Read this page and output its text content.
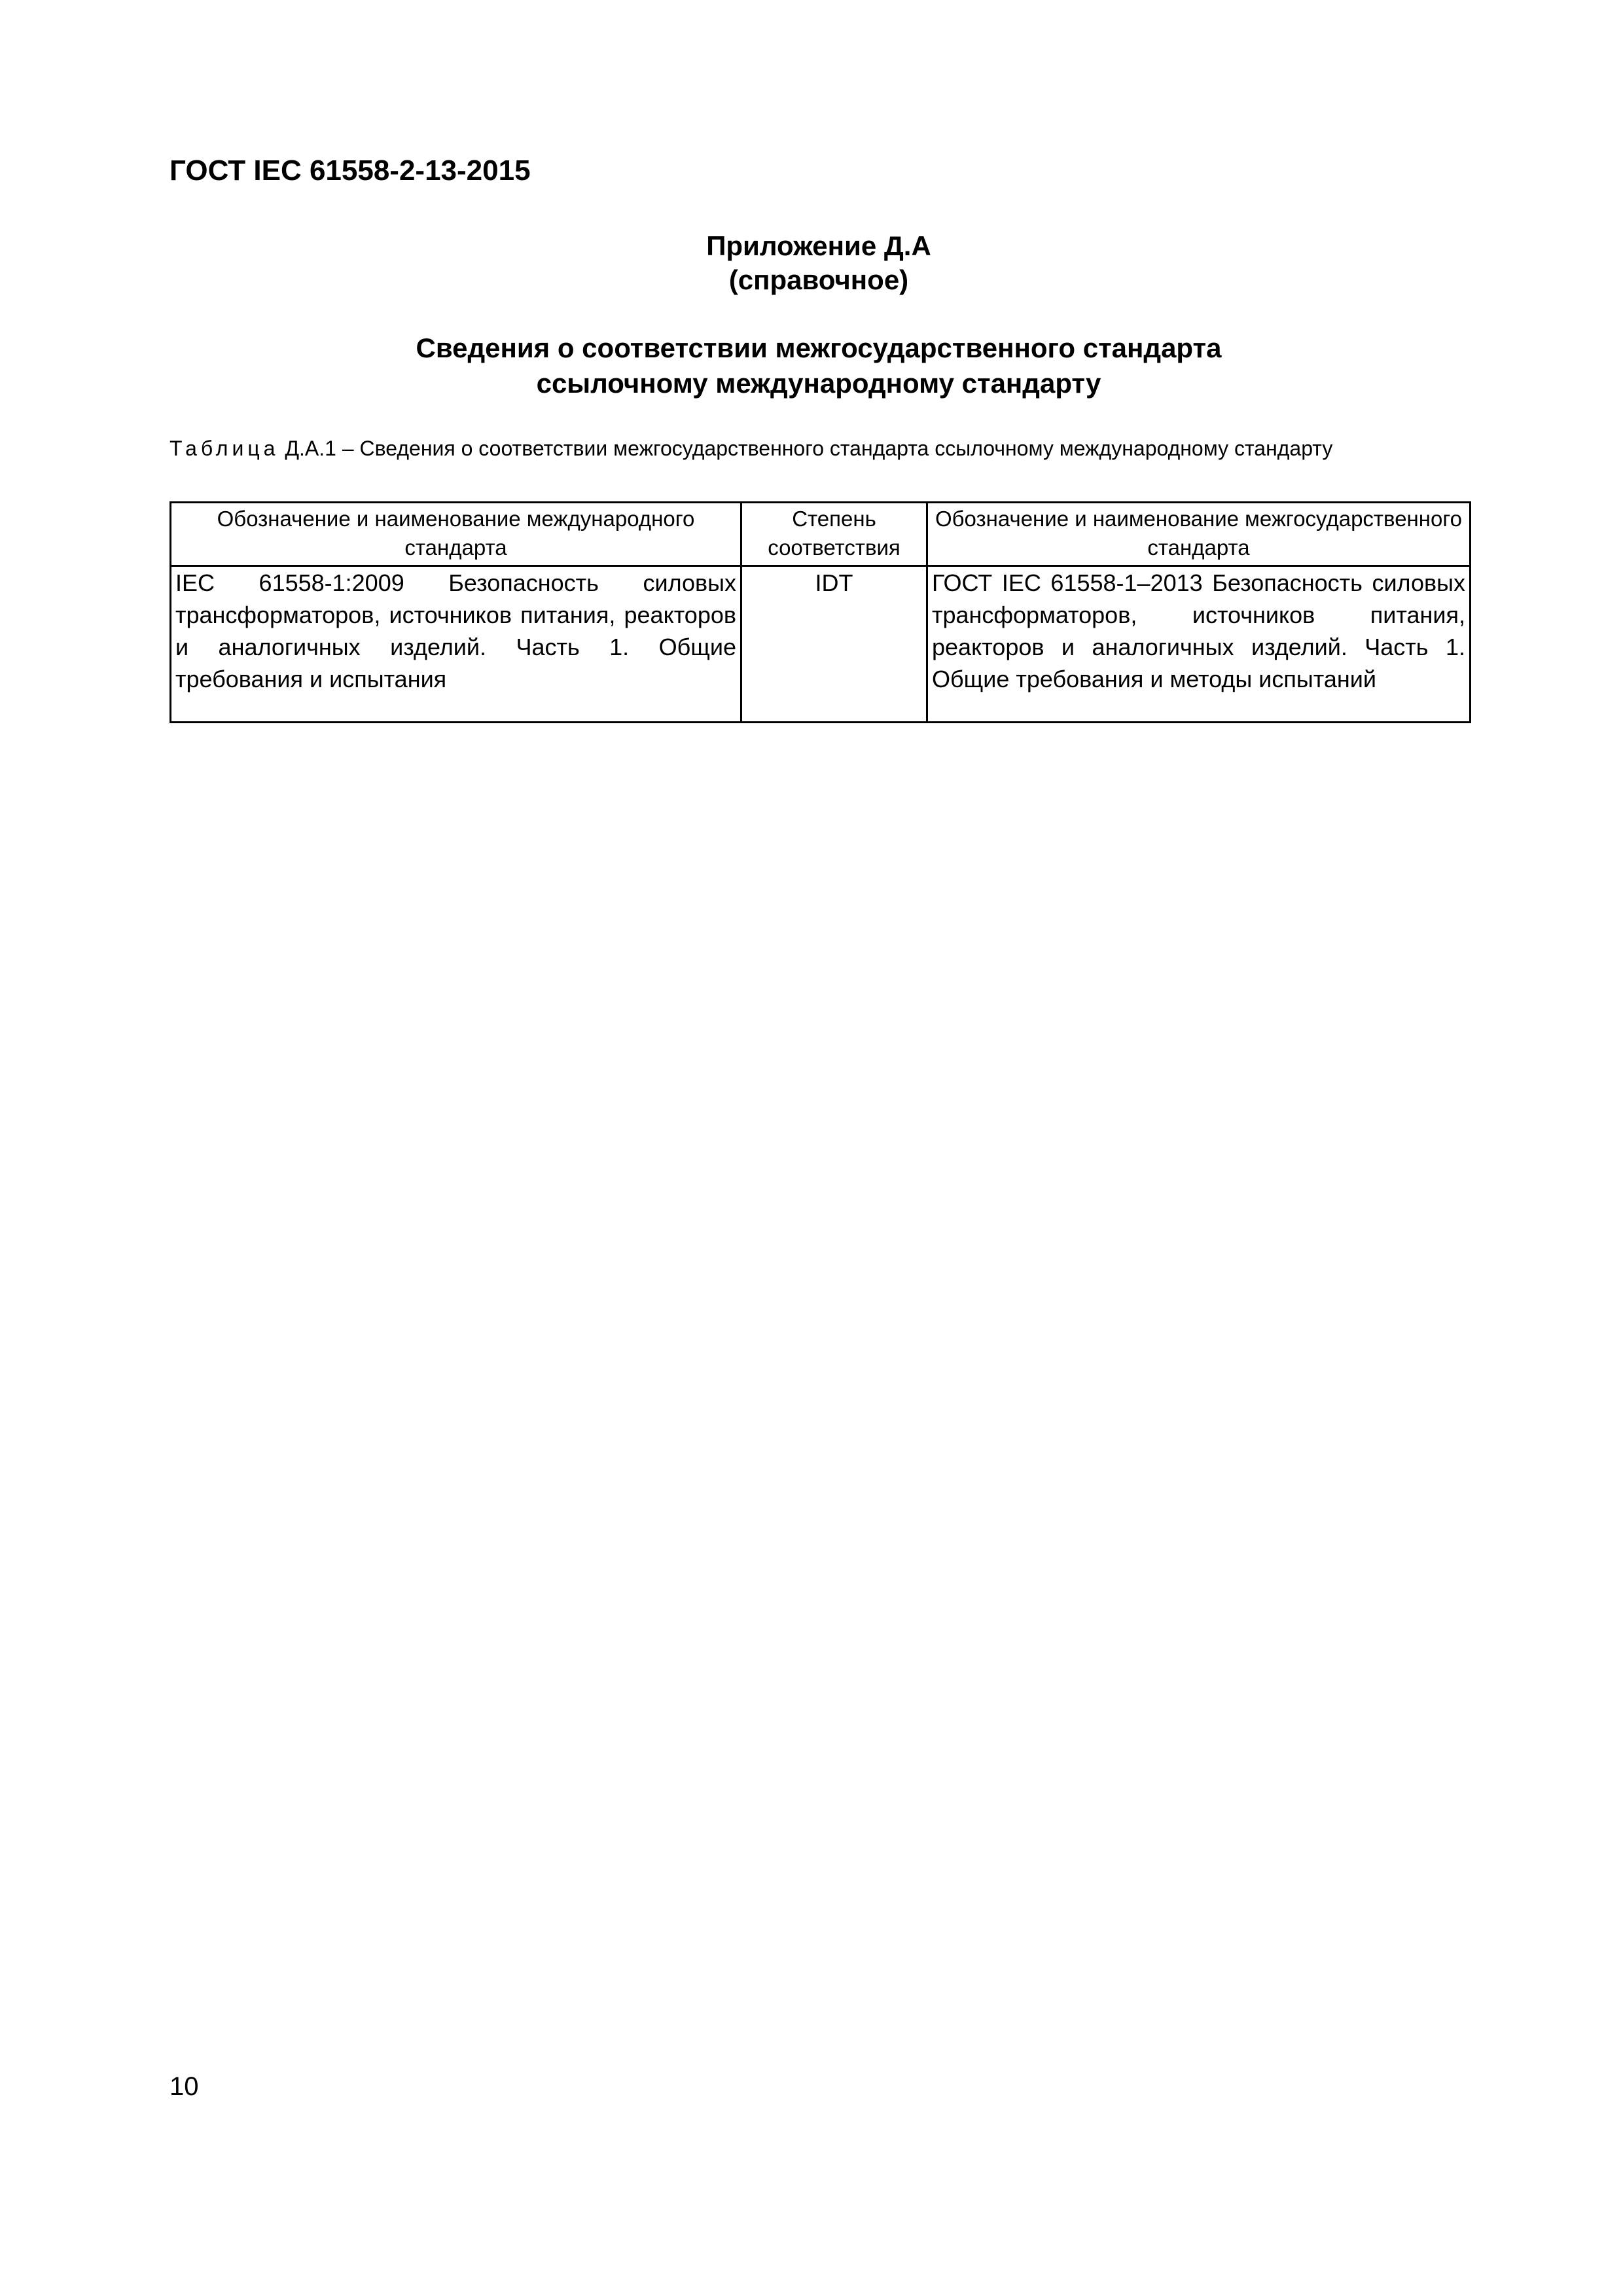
ГОСТ IEC 61558-2-13-2015
Приложение Д.А
(справочное)
Сведения о соответствии межгосударственного стандарта
ссылочному международному стандарту
Таблица Д.А.1 – Сведения о соответствии межгосударственного стандарта ссылочному международному стандарту
Обозначение и наименование международного стандарта	Степень соответствия	Обозначение и наименование межгосударственного стандарта
IEC 61558-1:2009 Безопасность силовых трансформаторов, источников питания, реакторов и аналогичных изделий. Часть 1. Общие требования и испытания	IDT	ГОСТ IEC 61558-1–2013 Безопасность силовых трансформаторов, источников питания, реакторов и аналогичных изделий. Часть 1. Общие требования и методы испытаний
10
